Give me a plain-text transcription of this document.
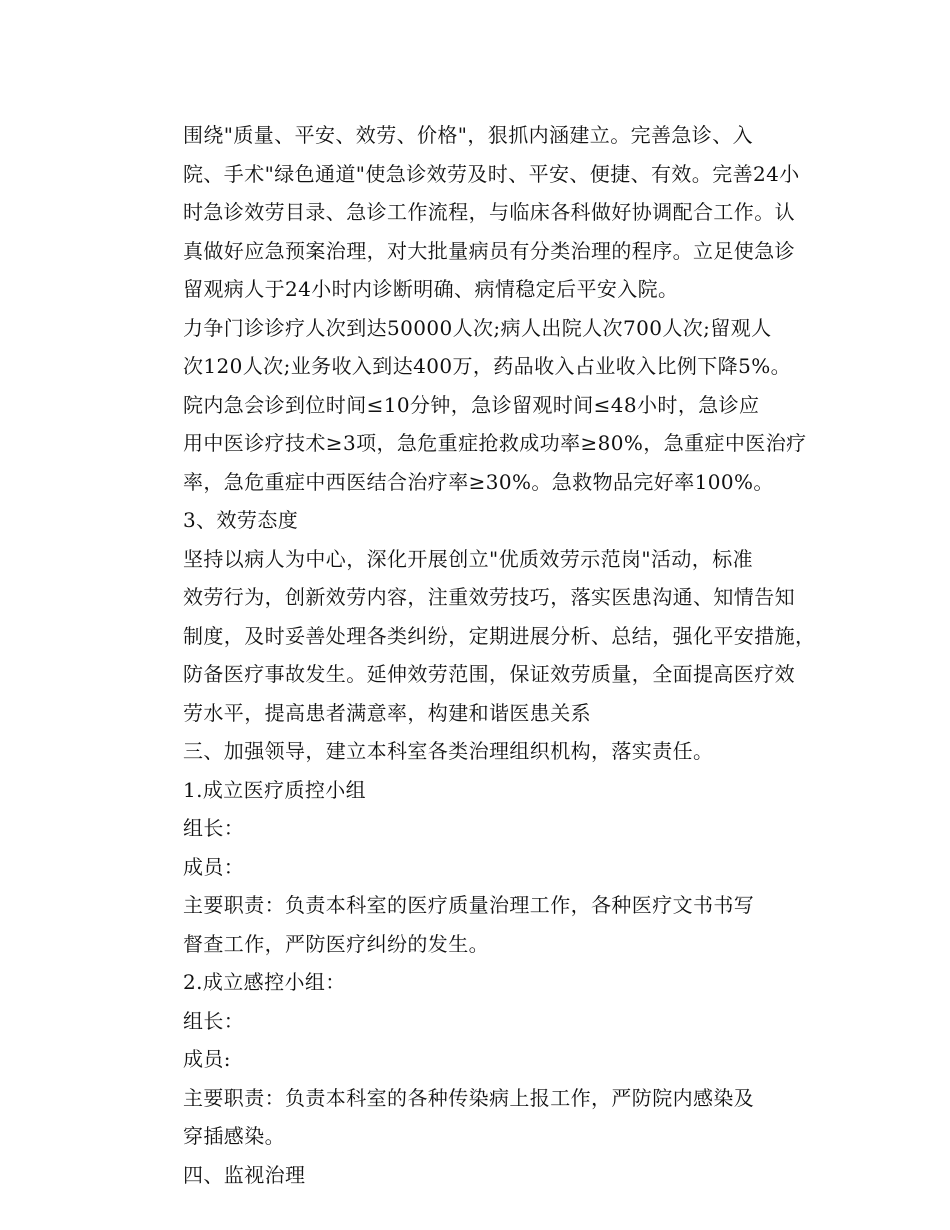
围绕"质量、平安、效劳、价格"，狠抓内涵建立。完善急诊、入
院、手术"绿色通道"使急诊效劳及时、平安、便捷、有效。完善24小
时急诊效劳目录、急诊工作流程，与临床各科做好协调配合工作。认
真做好应急预案治理，对大批量病员有分类治理的程序。立足使急诊
留观病人于24小时内诊断明确、病情稳定后平安入院。

力争门诊诊疗人次到达50000人次;病人出院人次700人次;留观人
次120人次;业务收入到达400万，药品收入占业收入比例下降5%。

院内急会诊到位时间≤10分钟，急诊留观时间≤48小时，急诊应
用中医诊疗技术≥3项，急危重症抢救成功率≥80%，急重症中医治疗
率，急危重症中西医结合治疗率≥30%。急救物品完好率100%。

3、效劳态度

坚持以病人为中心，深化开展创立"优质效劳示范岗"活动，标准
效劳行为，创新效劳内容，注重效劳技巧，落实医患沟通、知情告知
制度，及时妥善处理各类纠纷，定期进展分析、总结，强化平安措施，
防备医疗事故发生。延伸效劳范围，保证效劳质量，全面提高医疗效
劳水平，提高患者满意率，构建和谐医患关系

三、加强领导，建立本科室各类治理组织机构，落实责任。

1.成立医疗质控小组

组长：

成员：

主要职责：负责本科室的医疗质量治理工作，各种医疗文书书写
督查工作，严防医疗纠纷的发生。

2.成立感控小组：

组长：

成员:

主要职责：负责本科室的各种传染病上报工作，严防院内感染及
穿插感染。

四、监视治理
